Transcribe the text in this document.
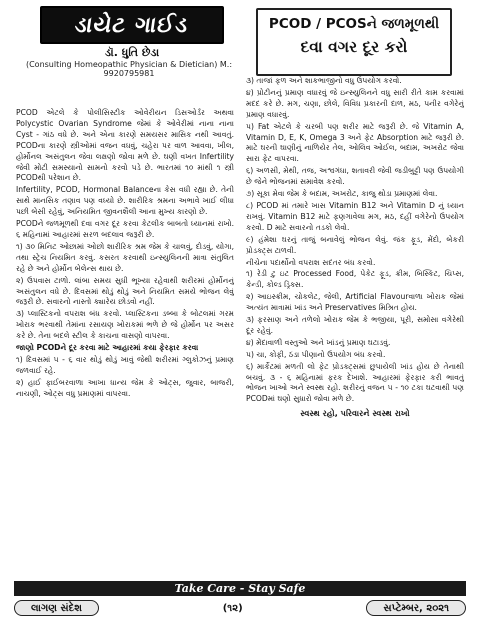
ડાયેટ ગાઈડ
ડૉ. ધુતિ છેડા
(Consulting Homeopathic Physician & Dietician) M.: 9920795981
PCOD / PCOSને જળમૂળથી
દવા વગર દૂર કરો

PCOD એટલે કે પોલીસિસ્ટીક ઓવેરીયન ડિસઓર્ડર અથવા Polycystic Ovarian Syndrome જેમાં કે ઓવેરીમાં નાના નાના Cyst - ગાંઠ વધે છે. અને એના કારણે સમયસર માસિક નથી આવતું. PCODના કારણે સ્ત્રીઓમાં વજન વધવું, ચહેરા પર વાળ આવવા, ખીલ, હોર્મોનલ અસંતુલન જેવા લક્ષણો જોવા મળે છે. ઘણી વખત Infertility જેવી મોટી સમસ્યાનો સામનો કરવો પડે છે. ભારતમાં ૧૦ માંથી ૧ સ્ત્રી PCODથી પરેશાન છે.

Infertility, PCOD, Hormonal Balanceના કેસ વધી રહ્યા છે. તેની સાથે માનસિક તણાવ પણ વધ્યો છે. શારીરિક શ્રમના અભાવે ખાઈ લીધા પછી બેસી રહેવું, અનિયમિત જીવનશૈલી આના મુખ્ય કારણો છે.

PCODને જળમૂળથી દવા વગર દૂર કરવા કેટલીક બાબતો ધ્યાનમાં રાખો. ૬ મહિનામાં આહારમાં સરળ બદલાવ જરૂરી છે.

૧) ૩૦ મિનિટ ઓછામાં ઓછો શારીરિક શ્રમ જેમ કે ચાલવું, દોડવું, યોગા, તથા સ્ટ્રેચ નિયમિત કરવું. કસરત કરવાથી ઇન્સ્યુલિનની માત્રા સંતુલિત રહે છે અને હોર્મોન બેલેન્સ થાય છે.

૨) ઉપવાસ ટાળો. લાંબા સમય સુધી ભૂખ્યા રહેવાથી શરીરમાં હોર્મોનનું અસંતુલન વધે છે. દિવસમાં થોડું થોડું અને નિયમિત સમયે ભોજન લેવું જરૂરી છે. સવારનો નાસ્તો ક્યારેય છોડવો નહીં.

૩) પ્લાસ્ટિકનો વપરાશ બંધ કરવો. પ્લાસ્ટિકના ડબ્બા કે બોટલમાં ગરમ ખોરાક ભરવાથી તેમાંના રસાયણ ખોરાકમાં ભળે છે જે હોર્મોન પર અસર કરે છે. તેના બદલે સ્ટીલ કે કાચના વાસણો વાપરવા.

જાણો PCODને દૂર કરવા માટે આહારમાં કયા ફેરફાર કરવા

૧) દિવસમાં ૫ - ૬ વાર થોડું થોડું ખાવું જેથી શરીરમાં ગ્લુકોઝનું પ્રમાણ જળવાઈ રહે.

૨) હાઈ ફાઈબરવાળા આખા ધાન્ય જેમ કે ઓટ્સ, જુવાર, બાજરી, નાચણી, ઓટ્સ વધુ પ્રમાણમાં વાપરવા.

૩) તાજાં ફળ અને શાકભાજીનો વધુ ઉપયોગ કરવો.

૪) પ્રોટીનનું પ્રમાણ વધારવું જે ઇન્સ્યુલિનને વધુ સારી રીતે કામ કરવામાં મદદ કરે છે. મગ, ચણા, છોલે, વિવિધ પ્રકારની દાળ, મઠ, પનીર વગેરેનું પ્રમાણ વધારવું.

૫) Fat એટલે કે ચરબી પણ શરીર માટે જરૂરી છે. જે Vitamin A, Vitamin D, E, K, Omega 3 અને ફેટ Absorption માટે જરૂરી છે. માટે ઘરની ઘાણીનું નાળિયેર તેલ, ઓલિવ ઓઈલ, બદામ, અખરોટ જેવા સારા ફેટ વાપરવા.

૬) અળસી, મેથી, તજ, અશ્વગંધા, શતાવરી જેવી જડીબુટ્ટી પણ ઉપયોગી છે જેને ભોજનમાં સમાવેશ કરવો.

૭) સૂકા મેવા જેમ કે બદામ, અખરોટ, કાજુ થોડા પ્રમાણમાં લેવા.

૮) PCOD માં તમારે ખાસ Vitamin B12 અને Vitamin D નું ધ્યાન રાખવું. Vitamin B12 માટે ફણગાવેલા મગ, મઠ, દહીં વગેરેનો ઉપયોગ કરવો. D માટે સવારનો તડકો લેવો.

૯) હંમેશા ઘરનું તાજું બનાવેલું ભોજન લેવું. જંક ફૂડ, મેંદો, બેકરી પ્રોડક્ટ્સ ટાળવી.

નીચેના પદાર્થોનો વપરાશ સદંતર બંધ કરવો.

૧) રેડી ટુ ઇટ Processed Food, પેકેટ ફૂડ, ક્રીમ, બિસ્કિટ, ચિપ્સ, કેન્ડી, કોલ્ડ ડ્રિંક્સ.

૨) આઇસ્ક્રીમ, ચોકલેટ, જેલી, Artificial Flavourવાળા ખોરાક જેમાં અત્યંત માત્રામાં ખાંડ અને Preservatives મિશ્રિત હોય.

૩) ફરસાણ અને તળેલો ખોરાક જેમ કે ભજીયા, પૂરી, સમોસા વગેરેથી દૂર રહેવું.

૪) મેંદાવાળી વસ્તુઓ અને ખાંડનું પ્રમાણ ઘટાડવું.

૫) ચા, કોફી, ઠંડા પીણાનો ઉપયોગ બંધ કરવો.

૬) માર્કેટમાં મળતી લો ફેટ પ્રોડક્ટ્સમાં છુપાયેલી ખાંડ હોય છે તેનાથી બચવું. ૩ - ૬ મહિનામાં ફરક દેખાશે. આહારમાં ફેરફાર કરી ભાવતું ભોજન ખાઓ અને સ્વસ્થ રહો. શરીરનું વજન ૫ - ૧૦ ટકા ઘટવાથી પણ PCODમાં ઘણો સુધારો જોવા મળે છે.

સ્વસ્થ રહો, પરિવારને સ્વસ્થ રાખો

Take Care - Stay Safe
લાગણ સંદેશ	(૧૨)	સપ્ટેમ્બર, ૨૦૨૧
